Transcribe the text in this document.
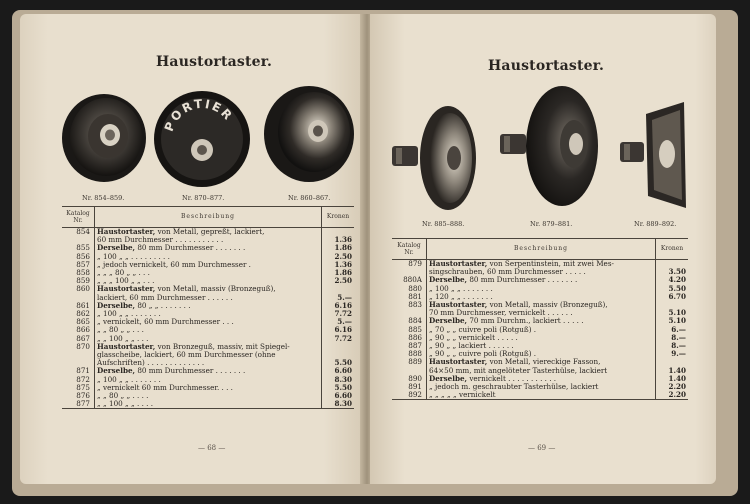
Haustortaster.
PORTIER
Nr. 854–859.	Nr. 870–877.	Nr. 860–867.
Katalog Nr.	Beschreibung	Kronen
854	Haustortaster, von Metall, gepreßt, lackiert,	
	60 mm Durchmesser . . . . . . . . . . .	1.36
855	Derselbe, 80 mm Durchmesser . . . . . . .	1.86
856	„ 100 „ „ . . . . . . . . .	2.50
857	„ jedoch vernickelt, 60 mm Durchmesser .	1.36
858	„ „ „ 80 „ „ . . .	1.86
859	„ „ „ 100 „ „ . . .	2.50
860	Haustortaster, von Metall, massiv (Bronzeguß),	
	lackiert, 60 mm Durchmesser . . . . . .	5.—
861	Derselbe, 80 „ „ . . . . . . .	6.16
862	„ 100 „ „ . . . . . . .	7.72
865	„ vernickelt, 60 mm Durchmesser . . .	5.—
866	„ „ 80 „ „ . . .	6.16
867	„ „ 100 „ „ . . .	7.72
870	Haustortaster, von Bronzeguß, massiv, mit Spiegel-	
	glasscheibe, lackiert, 60 mm Durchmesser (ohne	
	Aufschriften) . . . . . . . . . . . . .	5.50
871	Derselbe, 80 mm Durchmesser . . . . . . .	6.60
872	„ 100 „ „ . . . . . . .	8.30
875	„ vernickelt 60 mm Durchmesser. . . .	5.50
876	„ „ 80 „ „ . . . .	6.60
877	„ „ 100 „ „ . . . .	8.30
— 68 —
Haustortaster.
Nr. 885–888.	Nr. 879–881.	Nr. 889–892.
Katalog Nr.	Beschreibung	Kronen
879	Haustortaster, von Serpentinstein, mit zwei Mes-	
	singschrauben, 60 mm Durchmesser . . . . .	3.50
880A	Derselbe, 80 mm Durchmesser . . . . . . .	4.20
880	„ 100 „ „ . . . . . . .	5.50
881	„ 120 „ „ . . . . . . .	6.70
883	Haustortaster, von Metall, massiv (Bronzeguß),	
	70 mm Durchmesser, vernickelt . . . . . .	5.10
884	Derselbe, 70 mm Durchm., lackiert . . . . .	5.10
885	„ 70 „ „ cuivre poli (Rotguß) .	6.—
886	„ 90 „ „ vernickelt . . . . .	8.—
887	„ 90 „ „ lackiert . . . . . .	8.—
888	„ 90 „ „ cuivre poli (Rotguß) .	9.—
889	Haustortaster, von Metall, viereckige Fasson,	
	64×50 mm, mit angelöteter Tasterhülse, lackiert	1.40
890	Derselbe, vernickelt . . . . . . . . . . .	1.40
891	„ jedoch m. geschraubter Tasterhülse, lackiert	2.20
892	„ „ „ „ „ vernickelt	2.20
— 69 —
